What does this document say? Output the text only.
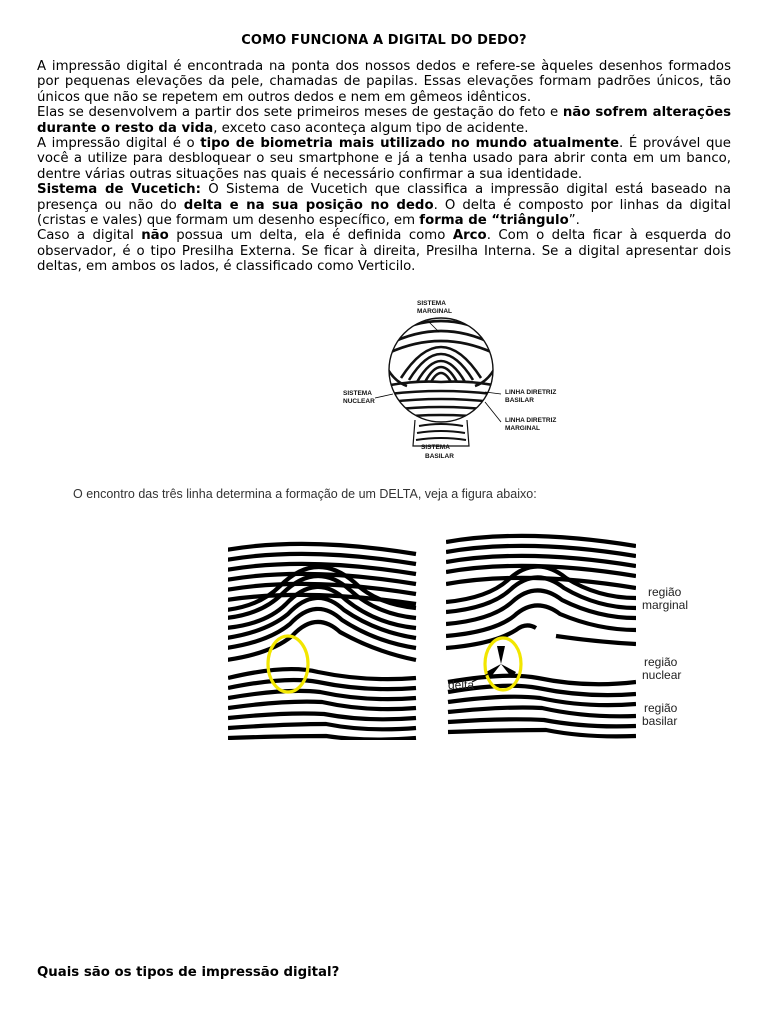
COMO FUNCIONA A DIGITAL DO DEDO?

A impressão digital é encontrada na ponta dos nossos dedos e refere-se àqueles desenhos formados por pequenas elevações da pele, chamadas de papilas. Essas elevações formam padrões únicos, tão únicos que não se repetem em outros dedos e nem em gêmeos idênticos.

Elas se desenvolvem a partir dos sete primeiros meses de gestação do feto e não sofrem alterações durante o resto da vida, exceto caso aconteça algum tipo de acidente.

A impressão digital é o tipo de biometria mais utilizado no mundo atualmente. É provável que você a utilize para desbloquear o seu smartphone e já a tenha usado para abrir conta em um banco, dentre várias outras situações nas quais é necessário confirmar a sua identidade.

Sistema de Vucetich: O Sistema de Vucetich que classifica a impressão digital está baseado na presença ou não do delta e na sua posição no dedo. O delta é composto por linhas da digital (cristas e vales) que formam um desenho específico, em forma de “triângulo”.

Caso a digital não possua um delta, ela é definida como Arco. Com o delta ficar à esquerda do observador, é o tipo Presilha Externa. Se ficar à direita, Presilha Interna. Se a digital apresentar dois deltas, em ambos os lados, é classificado como Verticilo.

SISTEMA
MARGINAL
SISTEMA
NUCLEAR
LINHA DIRETRIZ
BASILAR
LINHA DIRETRIZ
MARGINAL
SISTEMA
BASILAR
O encontro das três linha determina a formação de um DELTA, veja a figura abaixo:
região
marginal
região
nuclear
região
basilar
delta
Quais são os tipos de impressão digital?
